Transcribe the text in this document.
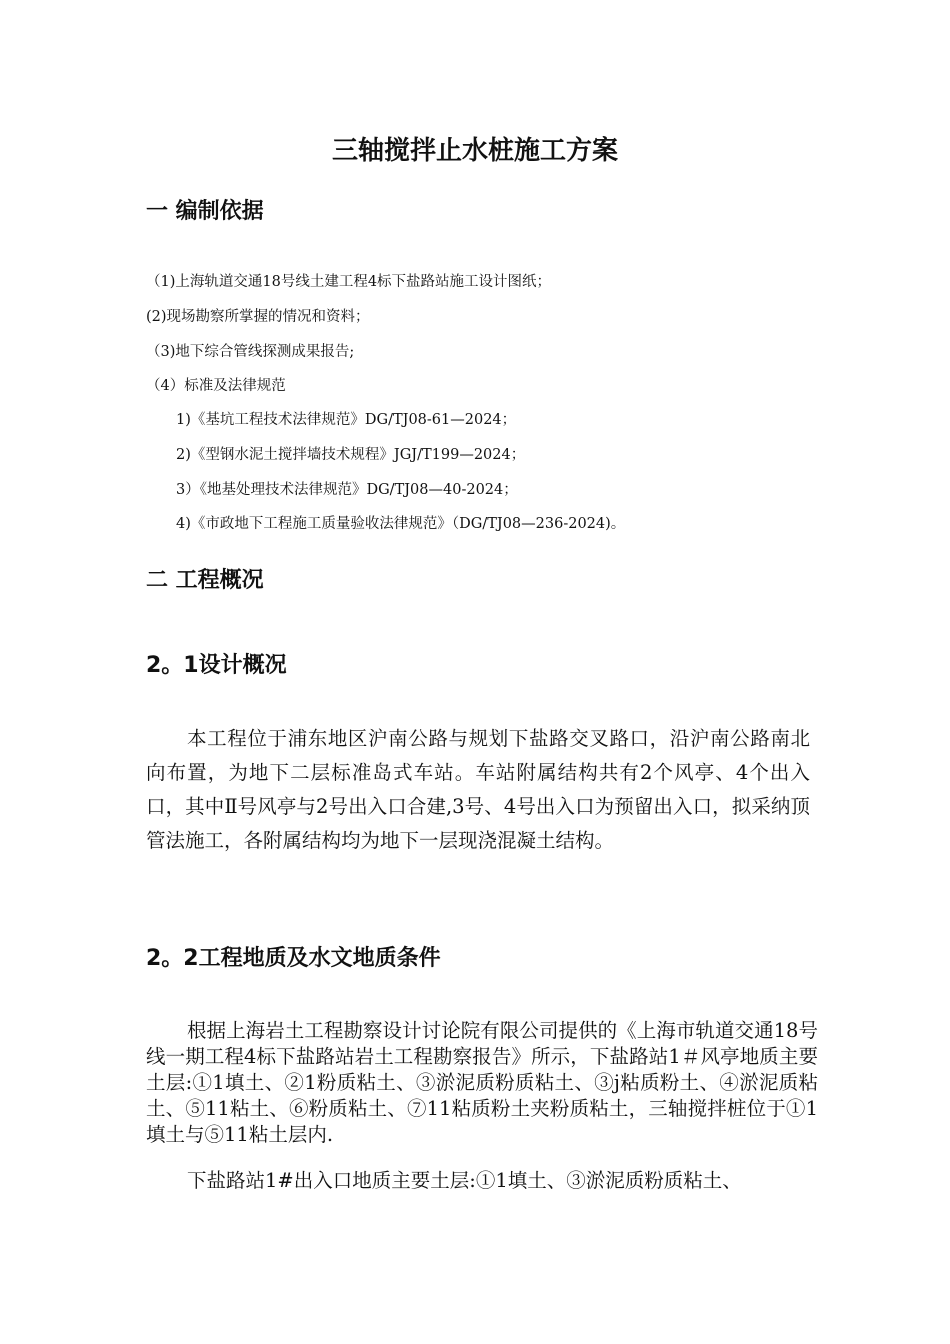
三轴搅拌止水桩施工方案
一 编制依据

（1)上海轨道交通18号线土建工程4标下盐路站施工设计图纸；

(2)现场勘察所掌握的情况和资料；

（3)地下综合管线探测成果报告;

（4）标准及法律规范

1)《基坑工程技术法律规范》DG/TJ08-61—2024；

2)《型钢水泥土搅拌墙技术规程》JGJ/T199—2024；

3）《地基处理技术法律规范》DG/TJ08—40-2024；

4)《市政地下工程施工质量验收法律规范》（DG/TJ08—236-2024)。

二 工程概况
2。1设计概况

本工程位于浦东地区沪南公路与规划下盐路交叉路口，沿沪南公路南北向布置，为地下二层标准岛式车站。车站附属结构共有2个风亭、4个出入口，其中Ⅱ号风亭与2号出入口合建,3号、4号出入口为预留出入口，拟采纳顶管法施工，各附属结构均为地下一层现浇混凝土结构。

2。2工程地质及水文地质条件

根据上海岩土工程勘察设计讨论院有限公司提供的《上海市轨道交通18号线一期工程4标下盐路站岩土工程勘察报告》所示，下盐路站1＃风亭地质主要土层:①1填土、②1粉质粘土、③淤泥质粉质粘土、③j粘质粉土、④淤泥质粘土、⑤11粘土、⑥粉质粘土、⑦11粘质粉土夹粉质粘土，三轴搅拌桩位于①1填土与⑤11粘土层内.

下盐路站1#出入口地质主要土层:①1填土、③淤泥质粉质粘土、
